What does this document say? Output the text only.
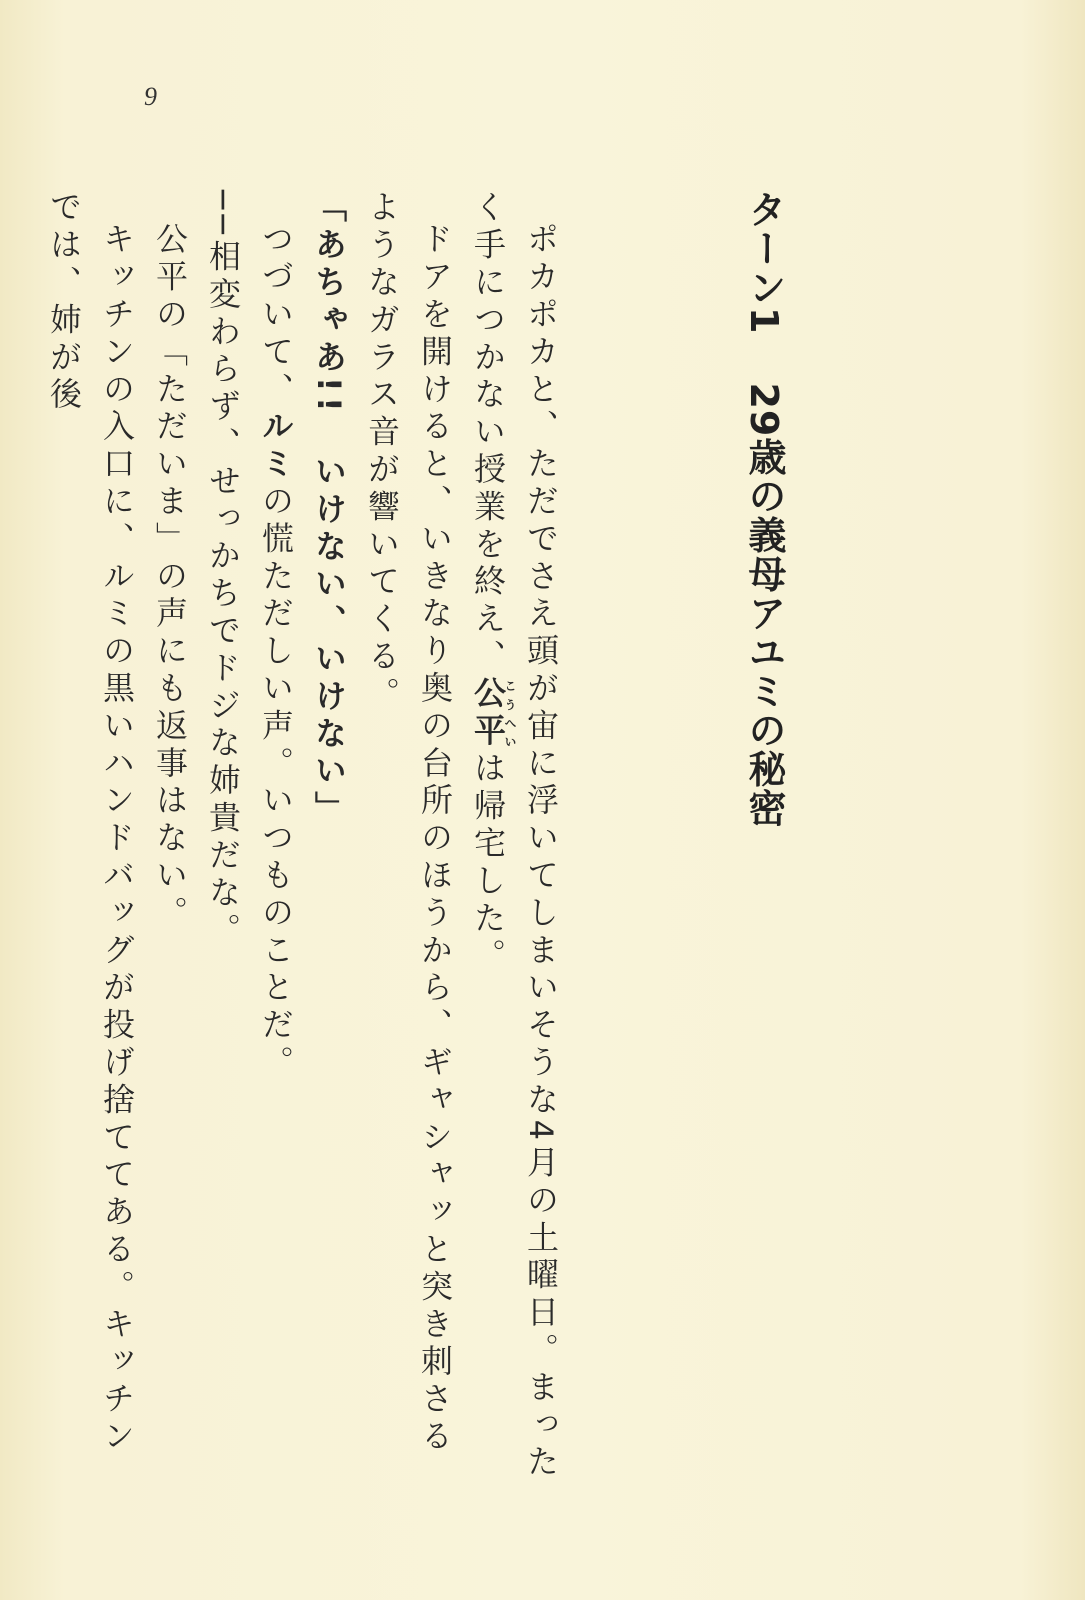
9
ターン129歳の義母アユミの秘密

ポカポカと、ただでさえ頭が宙に浮いてしまいそうな4月の土曜日。まったく手につかない授業を終え、公平こうへいは帰宅した。

ドアを開けると、いきなり奥の台所のほうから、ギャシャッと突き刺さるようなガラス音が響いてくる。

「あちゃあ!!　いけない、いけない」

つづいて、ルミの慌ただしい声。いつものことだ。

──相変わらず、せっかちでドジな姉貴だな。

公平の「ただいま」の声にも返事はない。

キッチンの入口に、ルミの黒いハンドバッグが投げ捨ててある。キッチンでは、姉が後
